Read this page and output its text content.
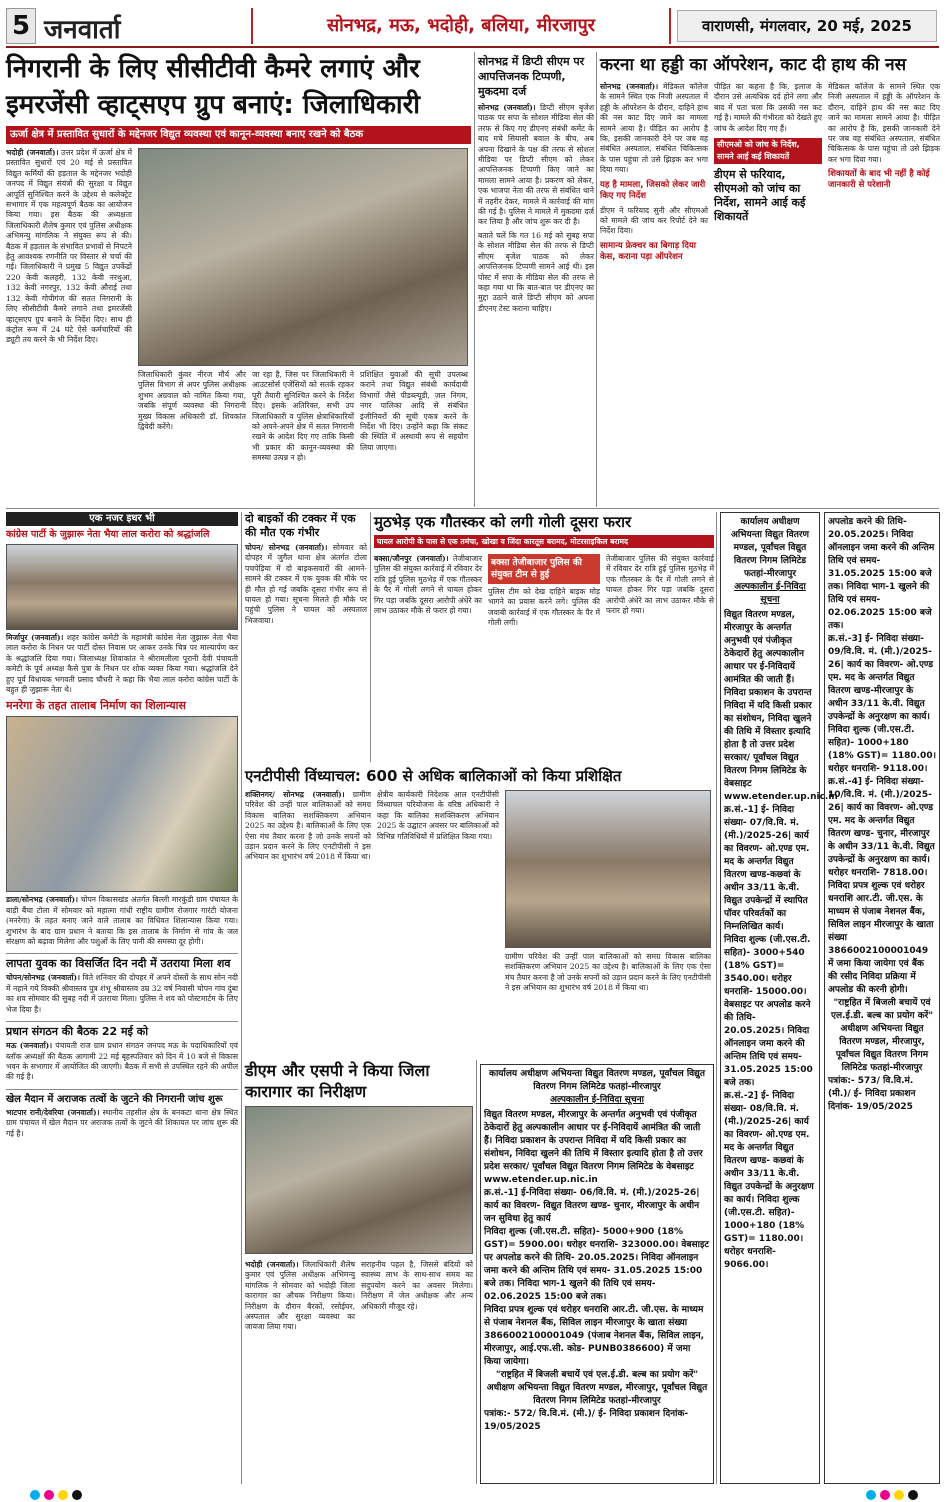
5 जनवार्ता	सोनभद्र, मऊ, भदोही, बलिया, मीरजापुर	वाराणसी, मंगलवार, 20 मई, 2025
निगरानी के लिए सीसीटीवी कैमरे लगाएं और
इमरजेंसी व्हाट्सएप ग्रुप बनाएं: जिलाधिकारी
ऊर्जा क्षेत्र में प्रस्तावित सुधारों के मद्देनजर विद्युत व्यवस्था एवं कानून-व्यवस्था बनाए रखने को बैठक

भदोही (जनवार्ता)। उत्तर प्रदेश में ऊर्जा क्षेत्र में प्रस्तावित सुधारों एवं 20 मई से प्रस्तावित विद्युत कर्मियों की हड़ताल के मद्देनजर भदोही जनपद में विद्युत संयंत्रों की सुरक्षा व विद्युत आपूर्ति सुनिश्चित करने के उद्देश्य से कलेक्ट्रेट सभागार में एक महत्वपूर्ण बैठक का आयोजन किया गया। इस बैठक की अध्यक्षता जिलाधिकारी शैलेष कुमार एवं पुलिस अधीक्षक अभिमन्यु मांगलिक ने संयुक्त रूप से की। बैठक में हड़ताल के संभावित प्रभावों से निपटने हेतु आवश्यक रणनीति पर विस्तार से चर्चा की गई। जिलाधिकारी ने प्रमुख 5 विद्युत उपकेंद्रों 220 केवी कलहरी, 132 केवी नरथुआ, 132 केवी नगरपुर, 132 केवी औराई तथा 132 केवी गोपीगंज की सतत निगरानी के लिए सीसीटीवी कैमरे लगाने तथा इमरजेंसी व्हाट्सएप ग्रुप बनाने के निर्देश दिए। साथ ही कंट्रोल रूम में 24 घंटे ऐसे कर्मचारियों की ड्यूटी तय करने के भी निर्देश दिए।

जिलाधिकारी कुंवर नीरज मौर्य और पुलिस विभाग से अपर पुलिस अधीक्षक शुभम अग्रवाल को नामित किया गया, जबकि संपूर्ण व्यवस्था की निगरानी मुख्य विकास अधिकारी डॉ. शिवकांत द्विवेदी करेंगे।

जा रहा है, जिस पर जिलाधिकारी ने आउटसोर्स एजेंसियों को सतर्क रहकर पूरी तैयारी सुनिश्चित करने के निर्देश दिए। इसके अतिरिक्त, सभी उप जिलाधिकारी व पुलिस क्षेत्राधिकारियों को अपने-अपने क्षेत्र में सतत निगरानी रखने के आदेश दिए गए ताकि किसी भी प्रकार की कानून-व्यवस्था की समस्या उत्पन्न न हो।

प्रशिक्षित युवाओं की सूची उपलब्ध कराने तथा विद्युत संबंधी कार्यदायी विभागों जैसे पीडब्ल्यूडी, जल निगम, नगर पालिका आदि से संबंधित इंजीनियरों की सूची एकत्र करने के निर्देश भी दिए। उन्होंने कहा कि संकट की स्थिति में अस्थायी रूप से सहयोग लिया जाएगा।

सोनभद्र में डिप्टी सीएम पर आपत्तिजनक टिप्पणी, मुकदमा दर्ज

सोनभद्र (जनवार्ता)। डिप्टी सीएम बृजेश पाठक पर सपा के सोशल मीडिया सेल की तरफ से किए गए डीएनए संबंधी कमेंट के बाद मचे सियासी बवाल के बीच, अब अपना दिखाने के पक्ष की तरफ से सोशल मीडिया पर डिप्टी सीएम को लेकर आपत्तिजनक टिप्पणी किए जाने का मामला सामने आया है। प्रकरण को लेकर, एक भाजपा नेता की तरफ से संबंधित थाने में तहरीर देकर, मामले में कार्रवाई की मांग की गई है। पुलिस ने मामले में मुकदमा दर्ज कर लिया है और जांच शुरू कर दी है।

बताते चलें कि गत 16 मई को सुबह सपा के सोशल मीडिया सेल की तरफ से डिप्टी सीएम बृजेश पाठक को लेकर आपत्तिजनक टिप्पणी सामने आई थी। इस पोस्ट में सपा के मीडिया सेल की तरफ से कहा गया था कि बात-बात पर डीएनए का मुद्दा उठाने वाले डिप्टी सीएम को अपना डीएनए टेस्ट कराना चाहिए।

करना था हड्डी का ऑपरेशन, काट दी हाथ की नस

सोनभद्र (जनवार्ता)। मेडिकल कॉलेज के सामने स्थित एक निजी अस्पताल में हड्डी के ऑपरेशन के दौरान, दाहिने हाथ की नस काट दिए जाने का मामला सामने आया है। पीड़ित का आरोप है कि, इसकी जानकारी देने पर जब वह संबंधित अस्पताल, संबंधित चिकित्सक के पास पहुंचा तो उसे झिड़क कर भगा दिया गया।

यह है मामला, जिसको लेकर जारी किए गए निर्देश

डीएम ने फरियाद सुनी और सीएमओ को मामले की जांच कर रिपोर्ट देने का निर्देश दिया।

सामान्य फ्रेक्चर का बिगाड़ दिया केस, कराना पड़ा ऑपरेशन

पीड़ित का कहना है कि, इलाज के दौरान उसे अत्यधिक दर्द होने लगा और बाद में पता चला कि उसकी नस कट गई है। मामले की गंभीरता को देखते हुए जांच के आदेश दिए गए हैं।

सीएमओ को जांच के निर्देश, सामने आई कई शिकायतें
डीएम से फरियाद, सीएमओ को जांच का निर्देश, सामने आई कई शिकायतें

मेडिकल कॉलेज के सामने स्थित एक निजी अस्पताल में हड्डी के ऑपरेशन के दौरान, दाहिने हाथ की नस काट दिए जाने का मामला सामने आया है। पीड़ित का आरोप है कि, इसकी जानकारी देने पर जब वह संबंधित अस्पताल, संबंधित चिकित्सक के पास पहुंचा तो उसे झिड़क कर भगा दिया गया।

शिकायतों के बाद भी नहीं है कोई जानकारी से परेशानी

एक नजर इधर भी
कांग्रेस पार्टी के जुझारू नेता भैया लाल करोरा को श्रद्धांजलि

मिर्जापुर (जनवार्ता)। शहर कांग्रेस कमेटी के महामंत्री कांग्रेस नेता जुझारू नेता भैया लाल करोरा के निधन पर पार्टी दोस्त निवास पर आकर उनके चित्र पर माल्यार्पण कर के श्रद्धांजलि दिया गया। जिलाध्यक्ष शिवाकांत ने श्रीरामलीला पूरानी देवी पंचायती कमेटी के पूर्व अध्यक्ष कैसे पुत्रा के निधन पर शोक व्यक्त किया गया। श्रद्धांजलि देने हुए पूर्व विधायक भगवती प्रसाद चौधरी ने कहा कि भैया लाल करोरा कांग्रेस पार्टी के बहुत ही जुझारू नेता थे।

मनरेगा के तहत तालाब निर्माण का शिलान्यास

डाला/सोनभद्र (जनवार्ता)। चोपन विकासखंड अंतर्गत बिल्ली मारकुंडी ग्राम पंचायत के बाड़ी बैंचा टोला में सोमवार को महात्मा गांधी राष्ट्रीय ग्रामीण रोजगार गारंटी योजना (मनरेगा) के तहत बनाए जाने वाले तालाब का विधिवत शिलान्यास किया गया। शुभारंभ के बाद ग्राम प्रधान ने बताया कि इस तालाब के निर्माण से गांव के जल संरक्षण को बढ़ावा मिलेगा और पशुओं के लिए पानी की समस्या दूर होगी।

लापता युवक का विसर्जित दिन नदी में उतराया मिला शव

चोपन/सोनभद्र (जनवार्ता)। विते शनिवार की दोपहर में अपने दोस्तों के साथ सोन नदी में नहाने गये विक्की श्रीवास्तव पुत्र शंभू श्रीवास्तव उम्र 32 वर्ष निवासी चोपन गांव दुंबा का शव सोमवार की सुबह नदी में उतराया मिला। पुलिस ने शव को पोस्टमार्टम के लिए भेज दिया है।

प्रधान संगठन की बैठक 22 मई को

मऊ (जनवार्ता)। पंचायती राज ग्राम प्रधान संगठन जनपद मऊ के पदाधिकारियों एवं ब्लॉक अध्यक्षों की बैठक आगामी 22 मई बृहस्पतिवार को दिन में 10 बजे से विकास भवन के सभागार में आयोजित की जाएगी। बैठक में सभी से उपस्थित रहने की अपील की गई है।

खेल मैदान में अराजक तत्वों के जुटने की निगरानी जांच शुरू

भाटपार रानी/देवरिया (जनवार्ता)। स्थानीय तहसील क्षेत्र के बनकटा थाना क्षेत्र स्थित ग्राम पंचायत में खेल मैदान पर अराजक तत्वों के जुटने की शिकायत पर जांच शुरू की गई है।

दो बाइकों की टक्कर में एक की मौत एक गंभीर

चोपन/ सोनभद्र (जनवार्ता)। सोमवार को दोपहर में जुगैल थाना क्षेत्र अंतर्गत टोला पचपेड़िया में दो बाइकसवारों की आमने-सामने की टक्कर में एक युवक की मौके पर ही मौत हो गई जबकि दूसरा गंभीर रूप से घायल हो गया। सूचना मिलते ही मौके पर पहुंची पुलिस ने घायल को अस्पताल भिजवाया।

मुठभेड़ एक गौतस्कर को लगी गोली दूसरा फरार
घायल आरोपी के पास से एक तमंचा, खोखा व जिंदा कारतूस बरामद, मोटरसाइकिल बरामद

बक्सा/जौनपुर (जनवार्ता)। तेजीबाजार पुलिस की संयुक्त कार्रवाई में रविवार देर रात्रि हुई पुलिस मुठभेड़ में एक गौतस्कर के पैर में गोली लगने से घायल होकर गिर पड़ा जबकि दूसरा आरोपी अंधेरे का लाभ उठाकर मौके से फरार हो गया।

बक्सा तेजीबाजार पुलिस की संयुक्त टीम से हुई

पुलिस टीम को देख दाहिने बाइक मोड़ भागने का प्रयास करने लगे। पुलिस की जवाबी कार्रवाई में एक गौतस्कर के पैर में गोली लगी।

तेजीबाजार पुलिस की संयुक्त कार्रवाई में रविवार देर रात्रि हुई पुलिस मुठभेड़ में एक गौतस्कर के पैर में गोली लगने से घायल होकर गिर पड़ा जबकि दूसरा आरोपी अंधेरे का लाभ उठाकर मौके से फरार हो गया।

एनटीपीसी विंध्याचल: 600 से अधिक बालिकाओं को किया प्रशिक्षित

शक्तिनगर/ सोनभद्र (जनवार्ता)। ग्रामीण परिवेश की उन्हीं पाल बालिकाओं को समग्र विकास बालिका सशक्तिकरण अभियान 2025 का उद्देश्य है। बालिकाओं के लिए एक ऐसा मंच तैयार करना है जो उनके सपनों को उड़ान प्रदान करने के लिए एनटीपीसी ने इस अभियान का शुभारंभ वर्ष 2018 में किया था।

क्षेत्रीय कार्यकारी निदेशक आल एनटीपीसी विंध्याचल परियोजना के वरिष्ठ अधिकारी ने कहा कि बालिका सशक्तिकरण अभियान 2025 के उद्घाटन अवसर पर बालिकाओं को विभिन्न गतिविधियों में प्रशिक्षित किया गया।

ग्रामीण परिवेश की उन्हीं पाल बालिकाओं को समग्र विकास बालिका सशक्तिकरण अभियान 2025 का उद्देश्य है। बालिकाओं के लिए एक ऐसा मंच तैयार करना है जो उनके सपनों को उड़ान प्रदान करने के लिए एनटीपीसी ने इस अभियान का शुभारंभ वर्ष 2018 में किया था।

डीएम और एसपी ने किया जिला कारागार का निरीक्षण

भदोही (जनवार्ता)। जिलाधिकारी शैलेष कुमार एवं पुलिस अधीक्षक अभिमन्यु मांगलिक ने सोमवार को भदोही जिला कारागार का औचक निरीक्षण किया। निरीक्षण के दौरान बैरकों, रसोईघर, अस्पताल और सुरक्षा व्यवस्था का जायजा लिया गया।

सराहनीय पहल है, जिससे बंदियों को स्वास्थ्य लाभ के साथ-साथ समय का सदुपयोग करने का अवसर मिलेगा। निरीक्षण में जेल अधीक्षक और अन्य अधिकारी मौजूद रहे।

कार्यालय अधीक्षण अभियन्ता विद्युत वितरण मण्डल, पूर्वांचल विद्युत वितरण निगम लिमिटेड फतहां-मीरजापुर
अल्पकालीन ई-निविदा सूचना

विद्युत वितरण मण्डल, मीरजापुर के अन्तर्गत अनुभवी एवं पंजीकृत ठेकेदारों हेतु अल्पकालीन आधार पर ई-निविदायें आमंत्रित की जाती हैं। निविदा प्रकाशन के उपरान्त निविदा में यदि किसी प्रकार का संशोधन, निविदा खुलने की तिथि में विस्तार इत्यादि होता है तो उत्तर प्रदेश सरकार/ पूर्वांचल विद्युत वितरण निगम लिमिटेड के वेबसाइट

www.etender.up.nic.in

क्र.सं.-1] ई-निविदा संख्या- 06/वि.वि. मं. (मी.)/2025-26| कार्य का विवरण- विद्युत वितरण खण्ड- चुनार, मीरजापुर के अधीन जन सुविधा हेतु कार्य

निविदा शुल्क (जी.एस.टी. सहित)- 5000+900 (18% GST)= 5900.00। धरोहर धनराशि- 323000.00। वेबसाइट पर अपलोड करने की तिथि- 20.05.2025। निविदा ऑनलाइन जमा करने की अन्तिम तिथि एवं समय- 31.05.2025 15:00 बजे तक। निविदा भाग-1 खुलने की तिथि एवं समय- 02.06.2025 15:00 बजे तक।

निविदा प्रपत्र शुल्क एवं धरोहर धनराशि आर.टी. जी.एस. के माध्यम से पंजाब नेशनल बैंक, सिविल लाइन मीरजापुर के खाता संख्या 3866002100001049 (पंजाब नेशनल बैंक, सिविल लाइन, मीरजापुर, आई.एफ.सी. कोड- PUNB0386600) में जमा किया जायेगा।

"राष्ट्रहित में बिजली बचायें एवं एल.ई.डी. बल्ब का प्रयोग करें"

अधीक्षण अभियन्ता विद्युत वितरण मण्डल, मीरजापुर, पूर्वांचल विद्युत वितरण निगम लिमिटेड फतहां-मीरजापुर

पत्रांक:- 572/ वि.वि.मं. (मी.)/ ई- निविदा प्रकाशन दिनांक- 19/05/2025

कार्यालय अधीक्षण अभियन्ता विद्युत वितरण मण्डल, पूर्वांचल विद्युत वितरण निगम लिमिटेड फतहां-मीरजापुर
अल्पकालीन ई-निविदा सूचना

विद्युत वितरण मण्डल, मीरजापुर के अन्तर्गत अनुभवी एवं पंजीकृत ठेकेदारों हेतु अल्पकालीन आधार पर ई-निविदायें आमंत्रित की जाती हैं। निविदा प्रकाशन के उपरान्त निविदा में यदि किसी प्रकार का संशोधन, निविदा खुलने की तिथि में विस्तार इत्यादि होता है तो उत्तर प्रदेश सरकार/ पूर्वांचल विद्युत वितरण निगम लिमिटेड के वेबसाइट

www.etender.up.nic.in

क्र.सं.-1] ई- निविदा संख्या- 07/वि.वि. मं. (मी.)/2025-26| कार्य का विवरण- ओ.एण्ड एम. मद के अन्तर्गत विद्युत वितरण खण्ड-कछवां के अधीन 33/11 के.वी. विद्युत उपकेन्द्रों में स्थापित पॉवर परिवर्तकों का निम्नलिखित कार्य।

निविदा शुल्क (जी.एस.टी. सहित)- 3000+540 (18% GST)= 3540.00। धरोहर धनराशि- 15000.00। वेबसाइट पर अपलोड करने की तिथि- 20.05.2025। निविदा ऑनलाइन जमा करने की अन्तिम तिथि एवं समय- 31.05.2025 15:00 बजे तक।

क्र.सं.-2] ई- निविदा संख्या- 08/वि.वि. मं. (मी.)/2025-26| कार्य का विवरण- ओ.एण्ड एम. मद के अन्तर्गत विद्युत वितरण खण्ड- कछवां के अधीन 33/11 के.वी. विद्युत उपकेन्द्रों के अनुरक्षण का कार्य। निविदा शुल्क (जी.एस.टी. सहित)- 1000+180 (18% GST)= 1180.00। धरोहर धनराशि- 9066.00।

अपलोड करने की तिथि- 20.05.2025। निविदा ऑनलाइन जमा करने की अन्तिम तिथि एवं समय- 31.05.2025 15:00 बजे तक। निविदा भाग-1 खुलने की तिथि एवं समय- 02.06.2025 15:00 बजे तक।

क्र.सं.-3] ई- निविदा संख्या- 09/वि.वि. मं. (मी.)/2025-26| कार्य का विवरण- ओ.एण्ड एम. मद के अन्तर्गत विद्युत वितरण खण्ड-मीरजापुर के अधीन 33/11 के.वी. विद्युत उपकेन्द्रों के अनुरक्षण का कार्य। निविदा शुल्क (जी.एस.टी. सहित)- 1000+180 (18% GST)= 1180.00। धरोहर धनराशि- 9118.00।

क्र.सं.-4] ई- निविदा संख्या- 10/वि.वि. मं. (मी.)/2025-26| कार्य का विवरण- ओ.एण्ड एम. मद के अन्तर्गत विद्युत वितरण खण्ड- चुनार, मीरजापुर के अधीन 33/11 के.वी. विद्युत उपकेन्द्रों के अनुरक्षण का कार्य। धरोहर धनराशि- 7818.00।

निविदा प्रपत्र शुल्क एवं धरोहर धनराशि आर.टी. जी.एस. के माध्यम से पंजाब नेशनल बैंक, सिविल लाइन मीरजापुर के खाता संख्या 3866002100001049 में जमा किया जायेगा एवं बैंक की रसीद निविदा प्रक्रिया में अपलोड की करनी होगी।

"राष्ट्रहित में बिजली बचायें एवं एल.ई.डी. बल्ब का प्रयोग करें"

अधीक्षण अभियन्ता विद्युत वितरण मण्डल, मीरजापुर, पूर्वांचल विद्युत वितरण निगम लिमिटेड फतहां-मीरजापुर

पत्रांक:- 573/ वि.वि.मं. (मी.)/ ई- निविदा प्रकाशन दिनांक- 19/05/2025
